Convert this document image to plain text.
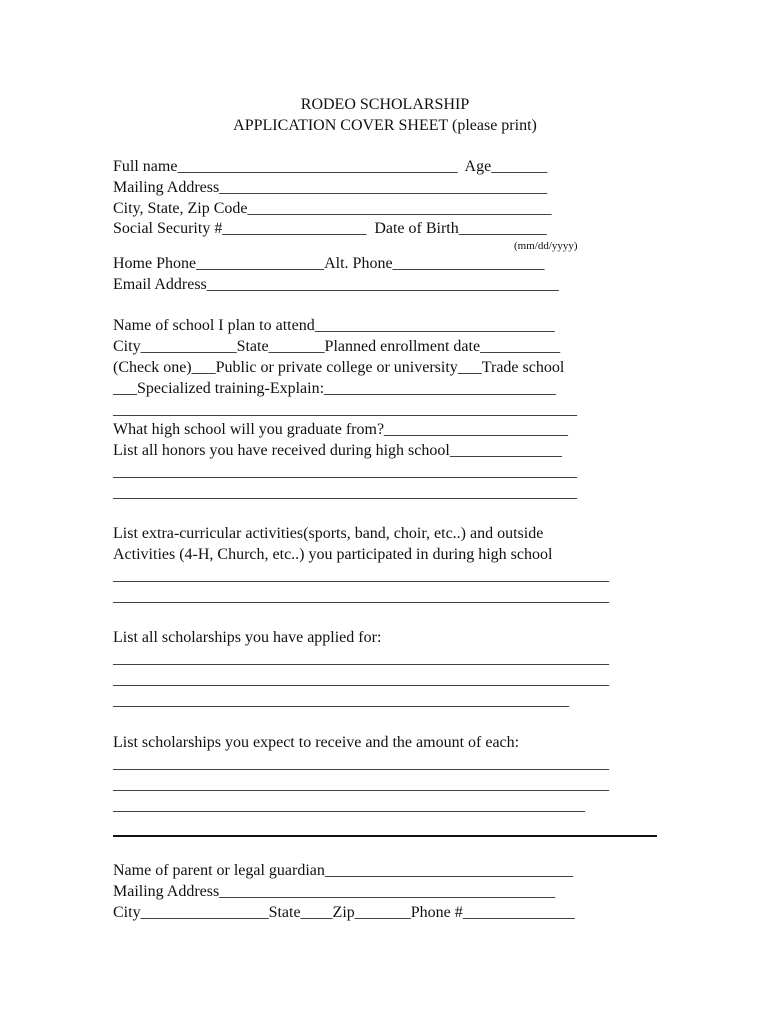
RODEO SCHOLARSHIP
APPLICATION COVER SHEET (please print)
Full name___________________________________  Age_______
Mailing Address_________________________________________
City, State, Zip Code______________________________________
Social Security #__________________  Date of Birth___________
(mm/dd/yyyy)
Home Phone________________Alt. Phone___________________
Email Address____________________________________________
Name of school I plan to attend______________________________
City____________State_______Planned enrollment date__________
(Check one)___Public or private college or university___Trade school
___Specialized training-Explain:_____________________________
__________________________________________________________
What high school will you graduate from?_______________________
List all honors you have received during high school______________
__________________________________________________________
__________________________________________________________
List extra-curricular activities(sports, band, choir, etc..) and outside
Activities (4-H, Church, etc..) you participated in during high school
______________________________________________________________
______________________________________________________________
List all scholarships you have applied for:
______________________________________________________________
______________________________________________________________
_________________________________________________________
List scholarships you expect to receive and the amount of each:
______________________________________________________________
______________________________________________________________
___________________________________________________________
Name of parent or legal guardian_______________________________
Mailing Address__________________________________________
City________________State____Zip_______Phone #______________
